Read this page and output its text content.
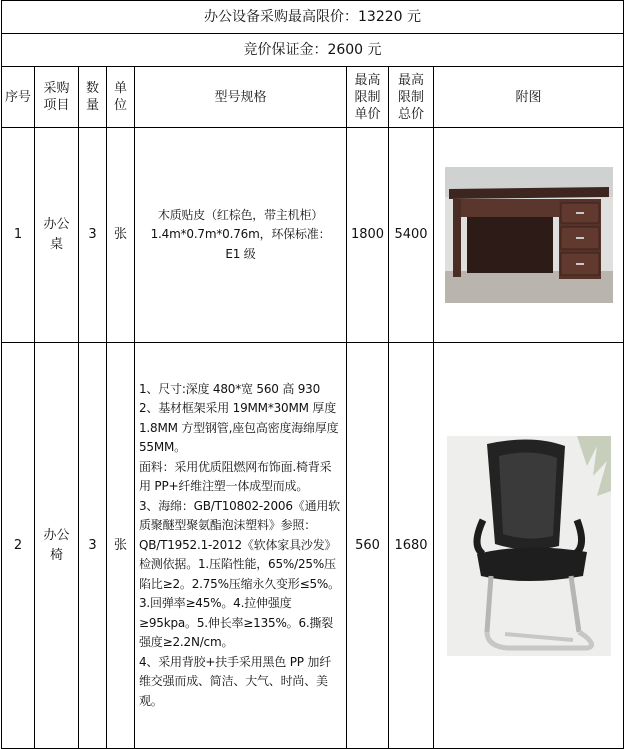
办公设备采购最高限价：13220 元							
竞价保证金：2600 元							
序号	采购项目	数量	单位	型号规格	最高限制单价	最高限制总价	附图
1	办公桌	3	张	木质贴皮（红棕色，带主机柜）
1.4m*0.7m*0.76m，环保标准：
E1 级	1800	5400	

2	办公椅	3	张	1、尺寸:深度 480*宽 560 高 930
2、基材框架采用 19MM*30MM 厚度 1.8MM 方型钢管,座包高密度海绵厚度 55MM。
面料：采用优质阻燃网布饰面.椅背采用 PP+纤维注塑一体成型而成。
3、海绵：GB/T10802-2006《通用软质聚醚型聚氨酯泡沫塑料》参照：QB/T1952.1-2012《软体家具沙发》检测依据。1.压陷性能，65%/25%压陷比≥2。2.75%压缩永久变形≤5%。3.回弹率≥45%。4.拉伸强度≥95kpa。5.伸长率≥135%。6.撕裂强度≥2.2N/cm。
4、采用背胶+扶手采用黑色 PP 加纤维交强而成、简洁、大气、时尚、美观。	560	1680	
